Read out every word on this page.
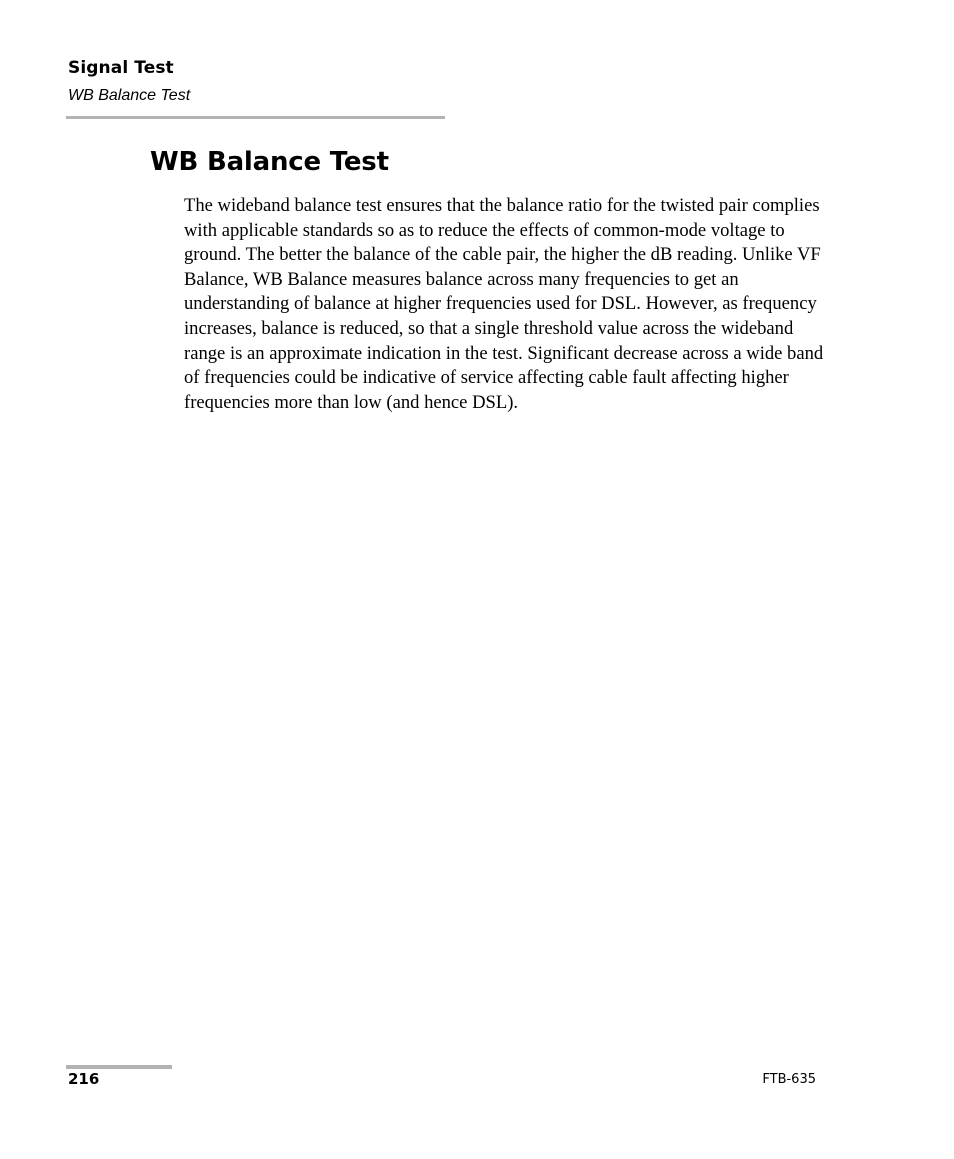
Signal Test
WB Balance Test
WB Balance Test

The wideband balance test ensures that the balance ratio for the twisted pair complies with applicable standards so as to reduce the effects of common-mode voltage to ground. The better the balance of the cable pair, the higher the dB reading. Unlike VF Balance, WB Balance measures balance across many frequencies to get an understanding of balance at higher frequencies used for DSL. However, as frequency increases, balance is reduced, so that a single threshold value across the wideband range is an approximate indication in the test. Significant decrease across a wide band of frequencies could be indicative of service affecting cable fault affecting higher frequencies more than low (and hence DSL).

216	FTB-635
